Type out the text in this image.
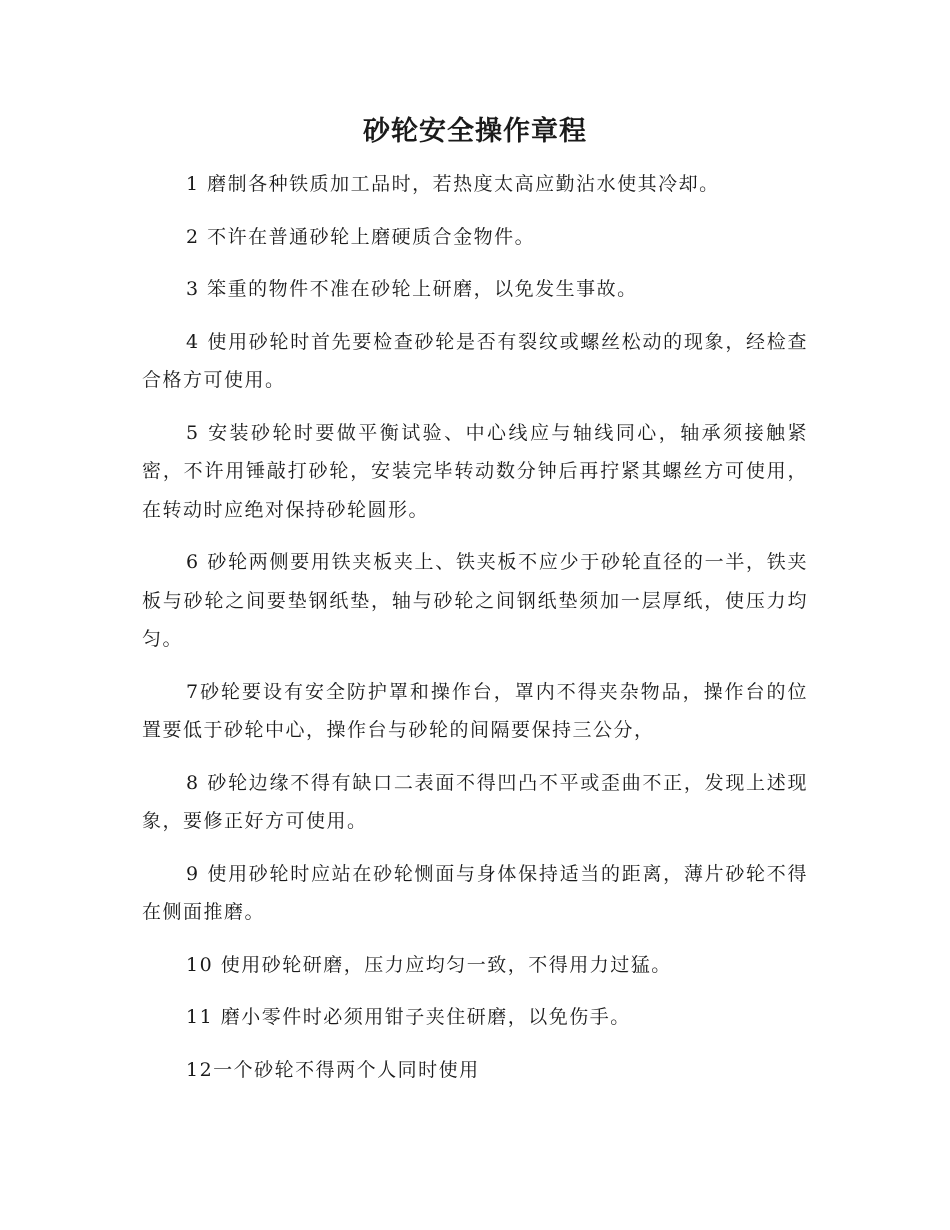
砂轮安全操作章程

1 磨制各种铁质加工品时，若热度太高应勤沾水使其冷却。

2 不许在普通砂轮上磨硬质合金物件。

3 笨重的物件不准在砂轮上研磨，以免发生事故。

4 使用砂轮时首先要检查砂轮是否有裂纹或螺丝松动的现象，经检查合格方可使用。

5 安装砂轮时要做平衡试验、中心线应与轴线同心，轴承须接触紧密，不许用锤敲打砂轮，安装完毕转动数分钟后再拧紧其螺丝方可使用，在转动时应绝对保持砂轮圆形。

6 砂轮两侧要用铁夹板夹上、铁夹板不应少于砂轮直径的一半，铁夹板与砂轮之间要垫钢纸垫，轴与砂轮之间钢纸垫须加一层厚纸，使压力均匀。

7砂轮要设有安全防护罩和操作台，罩内不得夹杂物品，操作台的位置要低于砂轮中心，操作台与砂轮的间隔要保持三公分，

8 砂轮边缘不得有缺口二表面不得凹凸不平或歪曲不正，发现上述现象，要修正好方可使用。

9 使用砂轮时应站在砂轮恻面与身体保持适当的距离，薄片砂轮不得在侧面推磨。

10 使用砂轮研磨，压力应均匀一致，不得用力过猛。

11 磨小零件时必须用钳子夹住研磨，以免伤手。

12一个砂轮不得两个人同时使用
